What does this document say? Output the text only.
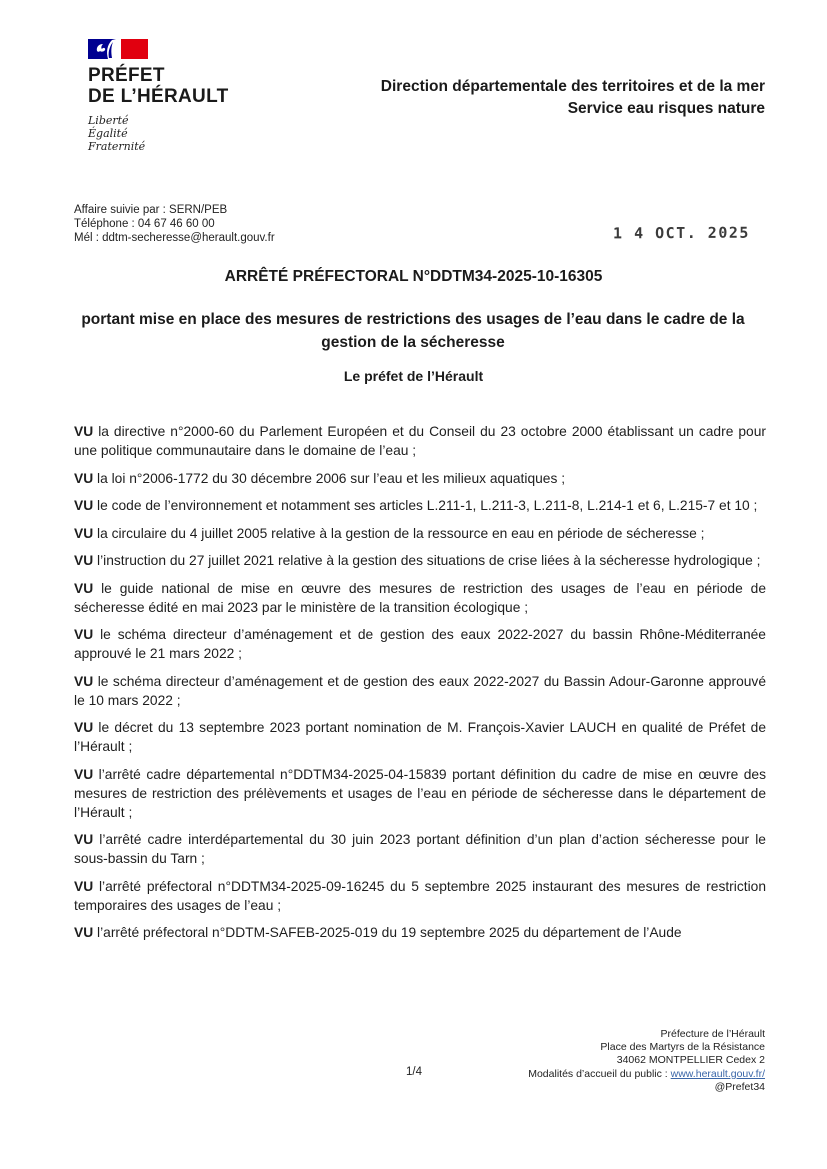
PRÉFET
DE L’HÉRAULT
Liberté
Égalité
Fraternité
Direction départementale des territoires et de la mer
Service eau risques nature
Affaire suivie par : SERN/PEB
Téléphone : 04 67 46 60 00
Mél : ddtm-secheresse@herault.gouv.fr	1 4 OCT. 2025
ARRÊTÉ PRÉFECTORAL N°DDTM34-2025-10-16305
portant mise en place des mesures de restrictions des usages de l’eau dans le cadre de la gestion de la sécheresse
Le préfet de l’Hérault

VU la directive n°2000-60 du Parlement Européen et du Conseil du 23 octobre 2000 établissant un cadre pour une politique communautaire dans le domaine de l’eau ;

VU la loi n°2006-1772 du 30 décembre 2006 sur l’eau et les milieux aquatiques ;

VU le code de l’environnement et notamment ses articles L.211-1, L.211-3, L.211-8, L.214-1 et 6, L.215-7 et 10 ;

VU la circulaire du 4 juillet 2005 relative à la gestion de la ressource en eau en période de sécheresse ;

VU l’instruction du 27 juillet 2021 relative à la gestion des situations de crise liées à la sécheresse hydrologique ;

VU le guide national de mise en œuvre des mesures de restriction des usages de l’eau en période de sécheresse édité en mai 2023 par le ministère de la transition écologique ;

VU le schéma directeur d’aménagement et de gestion des eaux 2022-2027 du bassin Rhône-Méditerranée approuvé le 21 mars 2022 ;

VU le schéma directeur d’aménagement et de gestion des eaux 2022-2027 du Bassin Adour-Garonne approuvé le 10 mars 2022 ;

VU le décret du 13 septembre 2023 portant nomination de M. François-Xavier LAUCH en qualité de Préfet de l’Hérault ;

VU l’arrêté cadre départemental n°DDTM34-2025-04-15839 portant définition du cadre de mise en œuvre des mesures de restriction des prélèvements et usages de l’eau en période de sécheresse dans le département de l’Hérault ;

VU l’arrêté cadre interdépartemental du 30 juin 2023 portant définition d’un plan d’action sécheresse pour le sous-bassin du Tarn ;

VU l’arrêté préfectoral n°DDTM34-2025-09-16245 du 5 septembre 2025 instaurant des mesures de restriction temporaires des usages de l’eau ;

VU l’arrêté préfectoral n°DDTM-SAFEB-2025-019 du 19 septembre 2025 du département de l’Aude

1/4
Préfecture de l’Hérault
Place des Martyrs de la Résistance
34062 MONTPELLIER Cedex 2
Modalités d’accueil du public : www.herault.gouv.fr/
@Prefet34
